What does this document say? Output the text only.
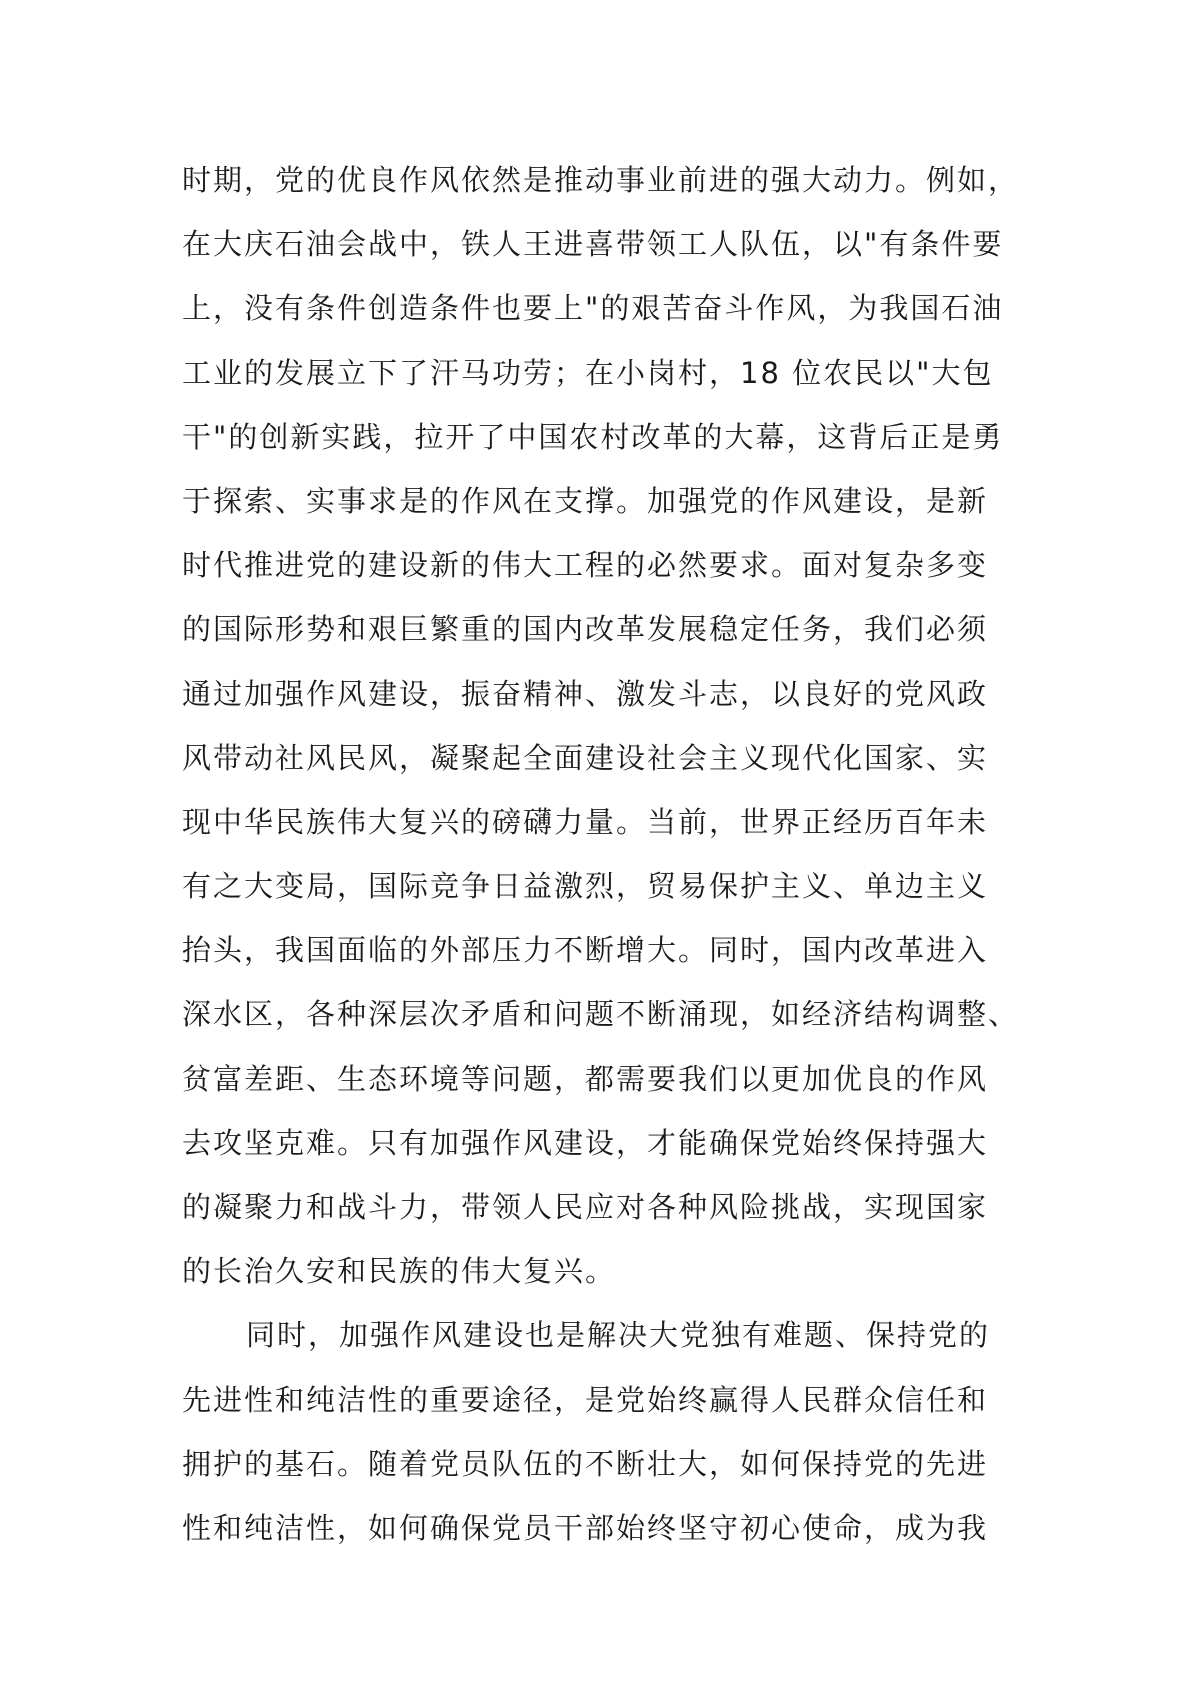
时期，党的优良作风依然是推动事业前进的强大动力。例如，
在大庆石油会战中，铁人王进喜带领工人队伍，以"有条件要
上，没有条件创造条件也要上"的艰苦奋斗作风，为我国石油
工业的发展立下了汗马功劳；在小岗村，18 位农民以"大包
干"的创新实践，拉开了中国农村改革的大幕，这背后正是勇
于探索、实事求是的作风在支撑。加强党的作风建设，是新
时代推进党的建设新的伟大工程的必然要求。面对复杂多变
的国际形势和艰巨繁重的国内改革发展稳定任务，我们必须
通过加强作风建设，振奋精神、激发斗志，以良好的党风政
风带动社风民风，凝聚起全面建设社会主义现代化国家、实
现中华民族伟大复兴的磅礴力量。当前，世界正经历百年未
有之大变局，国际竞争日益激烈，贸易保护主义、单边主义
抬头，我国面临的外部压力不断增大。同时，国内改革进入
深水区，各种深层次矛盾和问题不断涌现，如经济结构调整、
贫富差距、生态环境等问题，都需要我们以更加优良的作风
去攻坚克难。只有加强作风建设，才能确保党始终保持强大
的凝聚力和战斗力，带领人民应对各种风险挑战，实现国家
的长治久安和民族的伟大复兴。
同时，加强作风建设也是解决大党独有难题、保持党的
先进性和纯洁性的重要途径，是党始终赢得人民群众信任和
拥护的基石。随着党员队伍的不断壮大，如何保持党的先进
性和纯洁性，如何确保党员干部始终坚守初心使命，成为我
